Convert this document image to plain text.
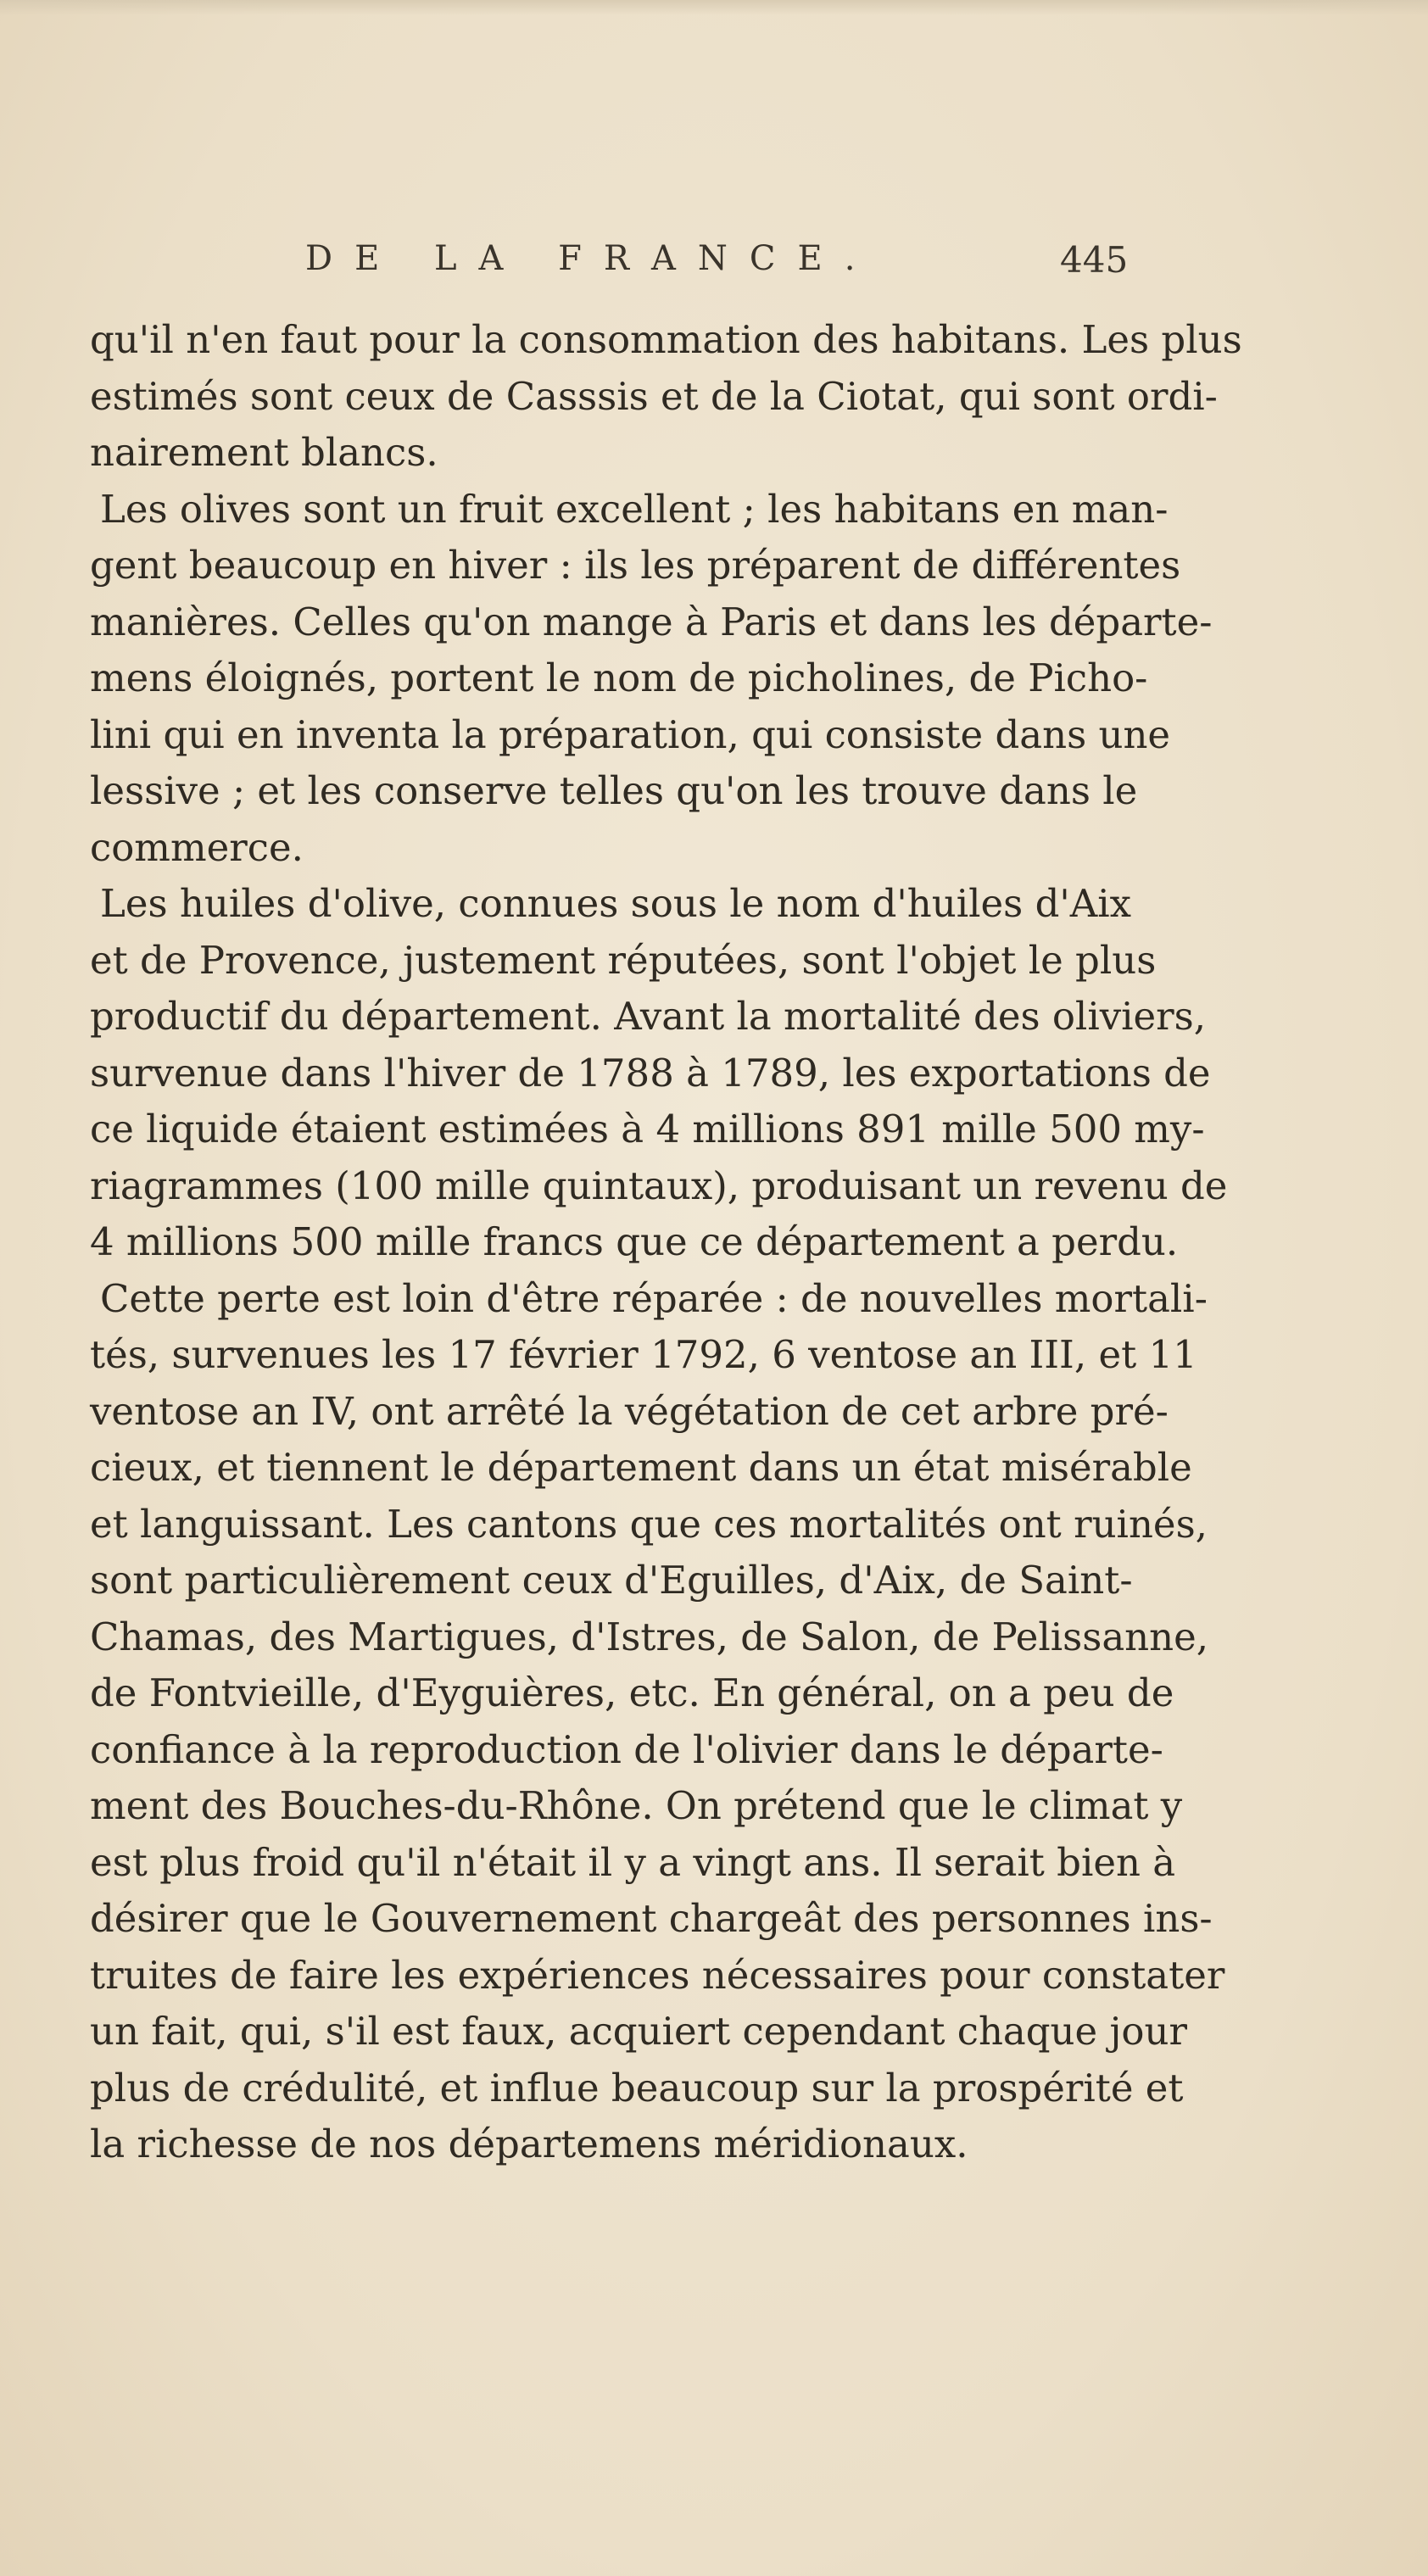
DE LA FRANCE.	445

qu'il n'en faut pour la consommation des habitans. Les plus
estimés sont ceux de Casssis et de la Ciotat, qui sont ordi-
nairement blancs.

Les olives sont un fruit excellent ; les habitans en man-
gent beaucoup en hiver : ils les préparent de différentes
manières. Celles qu'on mange à Paris et dans les départe-
mens éloignés, portent le nom de picholines, de Picho-
lini qui en inventa la préparation, qui consiste dans une
lessive ; et les conserve telles qu'on les trouve dans le
commerce.

Les huiles d'olive, connues sous le nom d'huiles d'Aix
et de Provence, justement réputées, sont l'objet le plus
productif du département. Avant la mortalité des oliviers,
survenue dans l'hiver de 1788 à 1789, les exportations de
ce liquide étaient estimées à 4 millions 891 mille 500 my-
riagrammes (100 mille quintaux), produisant un revenu de
4 millions 500 mille francs que ce département a perdu.

Cette perte est loin d'être réparée : de nouvelles mortali-
tés, survenues les 17 février 1792, 6 ventose an III, et 11
ventose an IV, ont arrêté la végétation de cet arbre pré-
cieux, et tiennent le département dans un état misérable
et languissant. Les cantons que ces mortalités ont ruinés,
sont particulièrement ceux d'Eguilles, d'Aix, de Saint-
Chamas, des Martigues, d'Istres, de Salon, de Pelissanne,
de Fontvieille, d'Eyguières, etc. En général, on a peu de
confiance à la reproduction de l'olivier dans le départe-
ment des Bouches-du-Rhône. On prétend que le climat y
est plus froid qu'il n'était il y a vingt ans. Il serait bien à
désirer que le Gouvernement chargeât des personnes ins-
truites de faire les expériences nécessaires pour constater
un fait, qui, s'il est faux, acquiert cependant chaque jour
plus de crédulité, et influe beaucoup sur la prospérité et
la richesse de nos départemens méridionaux.
